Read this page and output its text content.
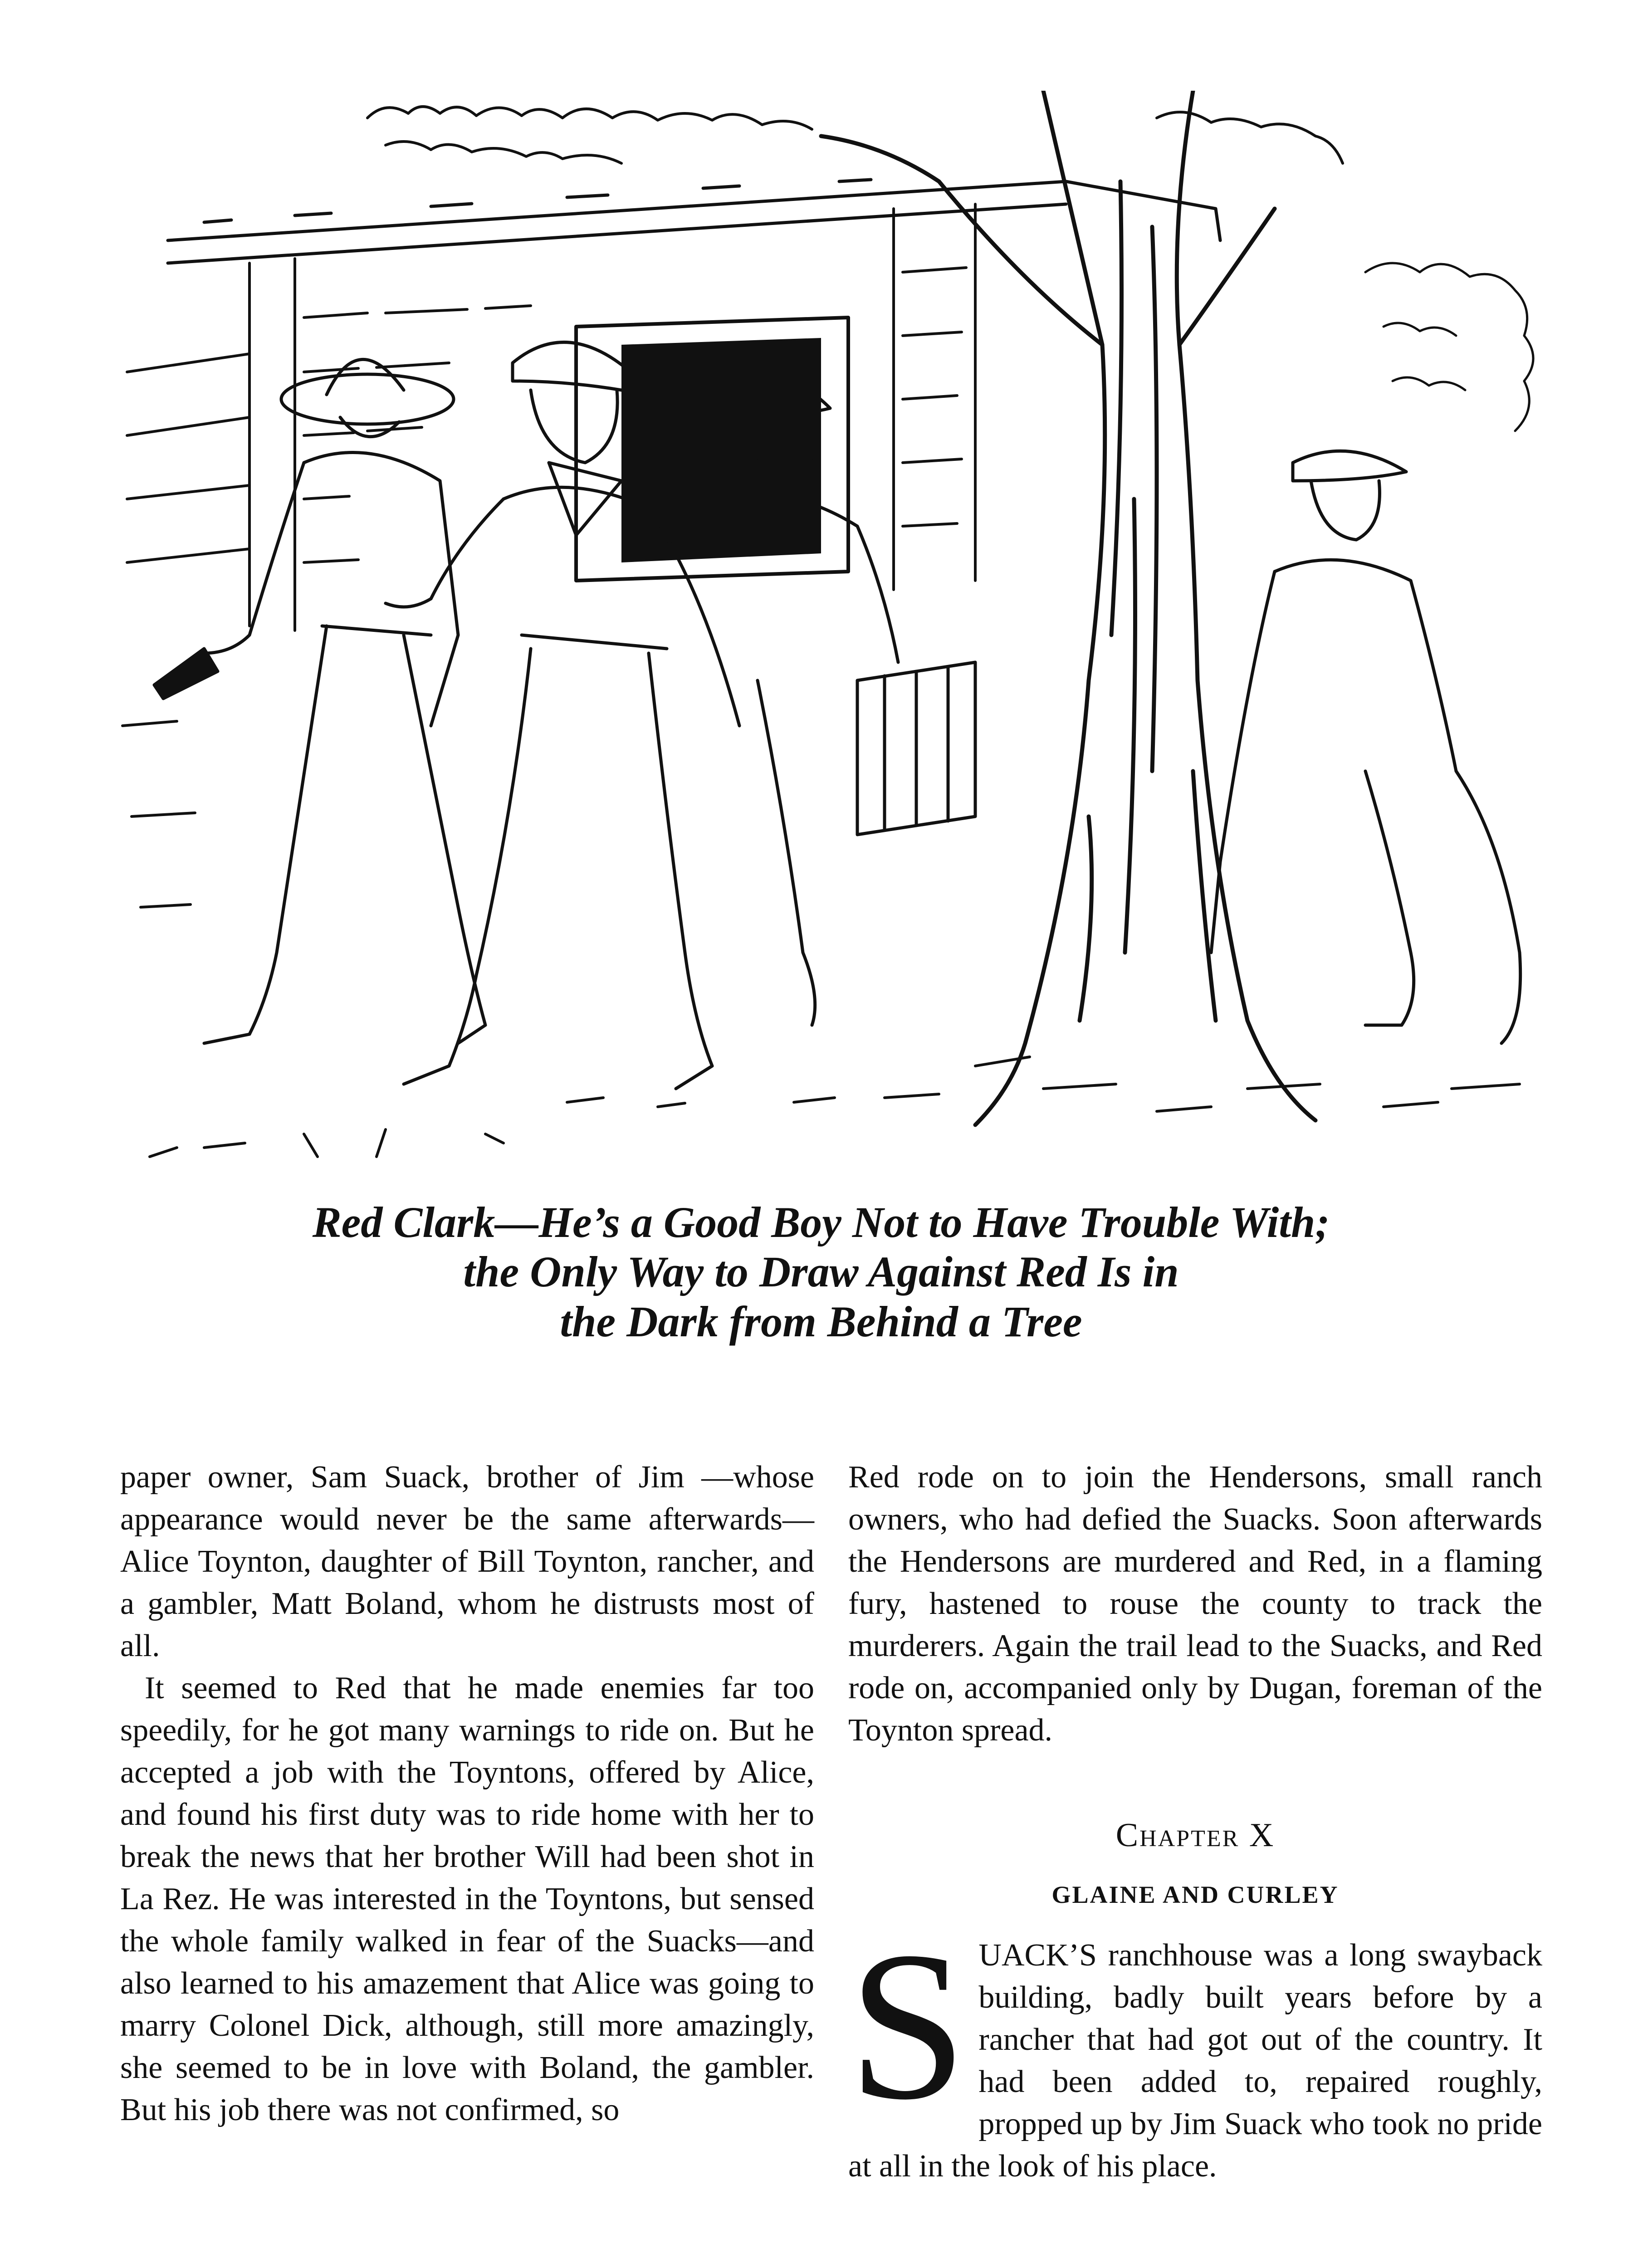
Red Clark—He’s a Good Boy Not to Have Trouble With;
the Only Way to Draw Against Red Is in
the Dark from Behind a Tree

paper owner, Sam Suack, brother of Jim —whose appearance would never be the same afterwards—Alice Toynton, daughter of Bill Toynton, rancher, and a gambler, Matt Boland, whom he distrusts most of all.

It seemed to Red that he made enemies far too speedily, for he got many warnings to ride on. But he accepted a job with the Toyntons, offered by Alice, and found his first duty was to ride home with her to break the news that her brother Will had been shot in La Rez. He was interested in the Toyntons, but sensed the whole family walked in fear of the Suacks—and also learned to his amazement that Alice was going to marry Colonel Dick, although, still more amazingly, she seemed to be in love with Boland, the gambler. But his job there was not confirmed, so

Red rode on to join the Hendersons, small ranch owners, who had defied the Suacks. Soon afterwards the Hendersons are murdered and Red, in a flaming fury, hastened to rouse the county to track the murderers. Again the trail lead to the Suacks, and Red rode on, accompanied only by Dugan, foreman of the Toynton spread.

Chapter X
GLAINE AND CURLEY
S UACK’S ranchhouse was a long swayback building, badly built years before by a rancher that had got out of the country. It had been added to, repaired roughly, propped up by Jim Suack who took no pride at all in the look of his place.
